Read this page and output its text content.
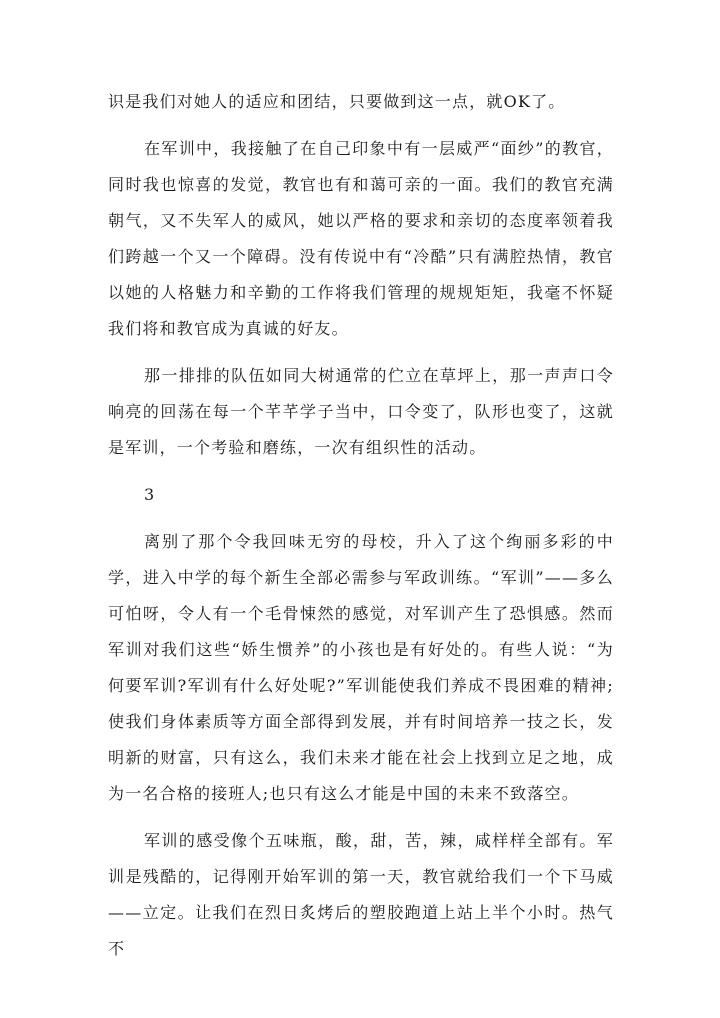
识是我们对她人的适应和团结，只要做到这一点，就OK了。

在军训中，我接触了在自己印象中有一层威严“面纱”的教官，同时我也惊喜的发觉，教官也有和蔼可亲的一面。我们的教官充满朝气，又不失军人的威风，她以严格的要求和亲切的态度率领着我们跨越一个又一个障碍。没有传说中有“冷酷”只有满腔热情，教官以她的人格魅力和辛勤的工作将我们管理的规规矩矩，我毫不怀疑我们将和教官成为真诚的好友。

那一排排的队伍如同大树通常的伫立在草坪上，那一声声口令响亮的回荡在每一个芊芊学子当中，口令变了，队形也变了，这就是军训，一个考验和磨练，一次有组织性的活动。

3

离别了那个令我回味无穷的母校，升入了这个绚丽多彩的中学，进入中学的每个新生全部必需参与军政训练。“军训”——多么可怕呀，令人有一个毛骨悚然的感觉，对军训产生了恐惧感。然而军训对我们这些“娇生惯养”的小孩也是有好处的。有些人说：“为何要军训?军训有什么好处呢?”军训能使我们养成不畏困难的精神;使我们身体素质等方面全部得到发展，并有时间培养一技之长，发明新的财富，只有这么，我们未来才能在社会上找到立足之地，成为一名合格的接班人;也只有这么才能是中国的未来不致落空。

军训的感受像个五味瓶，酸，甜，苦，辣，咸样样全部有。军训是残酷的，记得刚开始军训的第一天，教官就给我们一个下马威——立定。让我们在烈日炙烤后的塑胶跑道上站上半个小时。热气不
